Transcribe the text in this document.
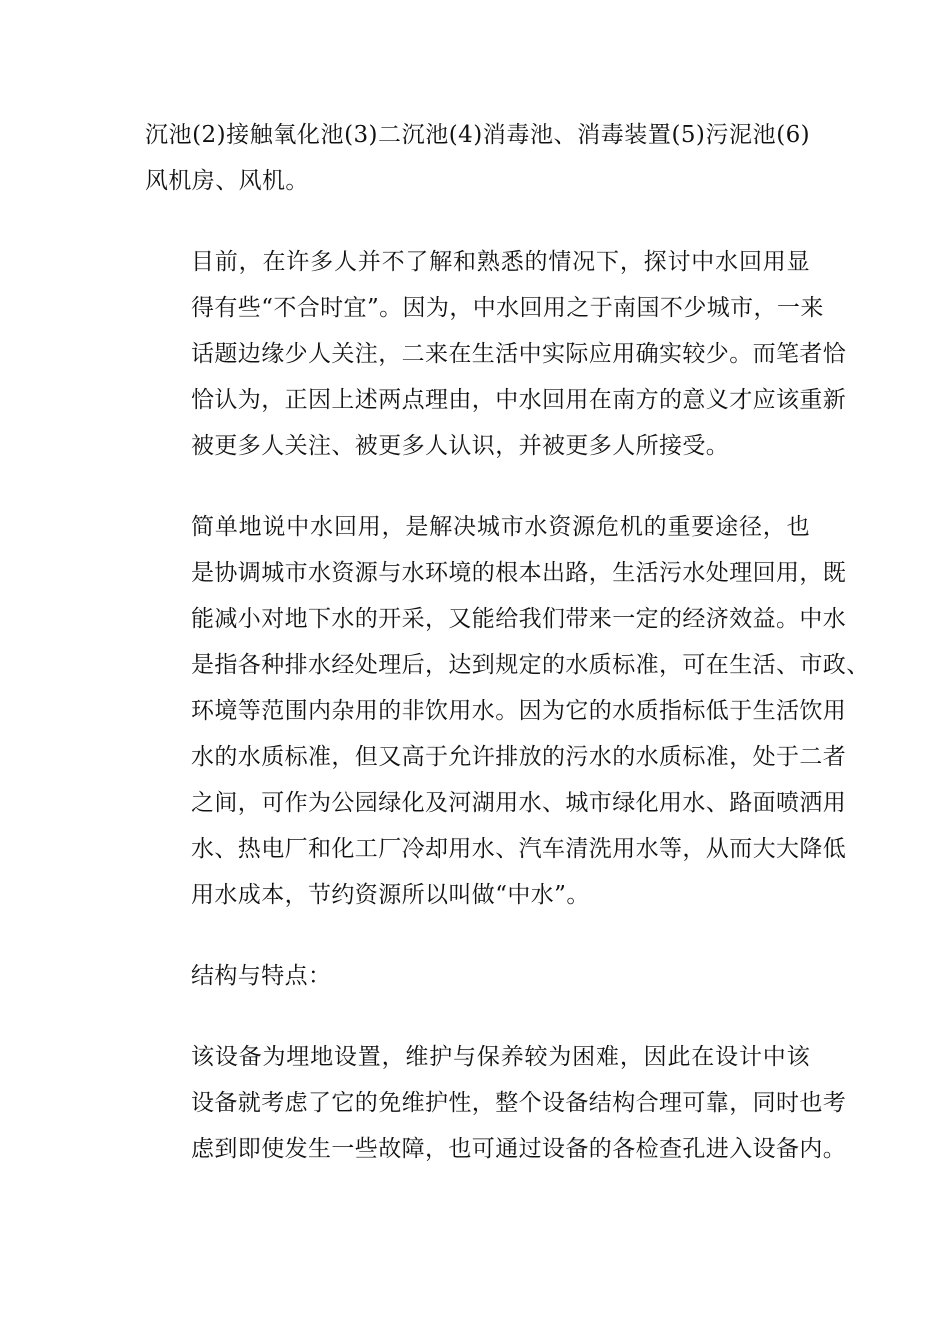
沉池(2)接触氧化池(3)二沉池(4)消毒池、消毒装置(5)污泥池(6)
风机房、风机。

目前，在许多人并不了解和熟悉的情况下，探讨中水回用显
得有些“不合时宜”。因为，中水回用之于南国不少城市，一来
话题边缘少人关注，二来在生活中实际应用确实较少。而笔者恰
恰认为，正因上述两点理由，中水回用在南方的意义才应该重新
被更多人关注、被更多人认识，并被更多人所接受。

简单地说中水回用，是解决城市水资源危机的重要途径，也
是协调城市水资源与水环境的根本出路，生活污水处理回用，既
能减小对地下水的开采，又能给我们带来一定的经济效益。中水
是指各种排水经处理后，达到规定的水质标准，可在生活、市政、
环境等范围内杂用的非饮用水。因为它的水质指标低于生活饮用
水的水质标准，但又高于允许排放的污水的水质标准，处于二者
之间，可作为公园绿化及河湖用水、城市绿化用水、路面喷洒用
水、热电厂和化工厂冷却用水、汽车清洗用水等，从而大大降低
用水成本，节约资源所以叫做“中水”。

结构与特点：

该设备为埋地设置，维护与保养较为困难，因此在设计中该
设备就考虑了它的免维护性，整个设备结构合理可靠，同时也考
虑到即使发生一些故障，也可通过设备的各检查孔进入设备内。
